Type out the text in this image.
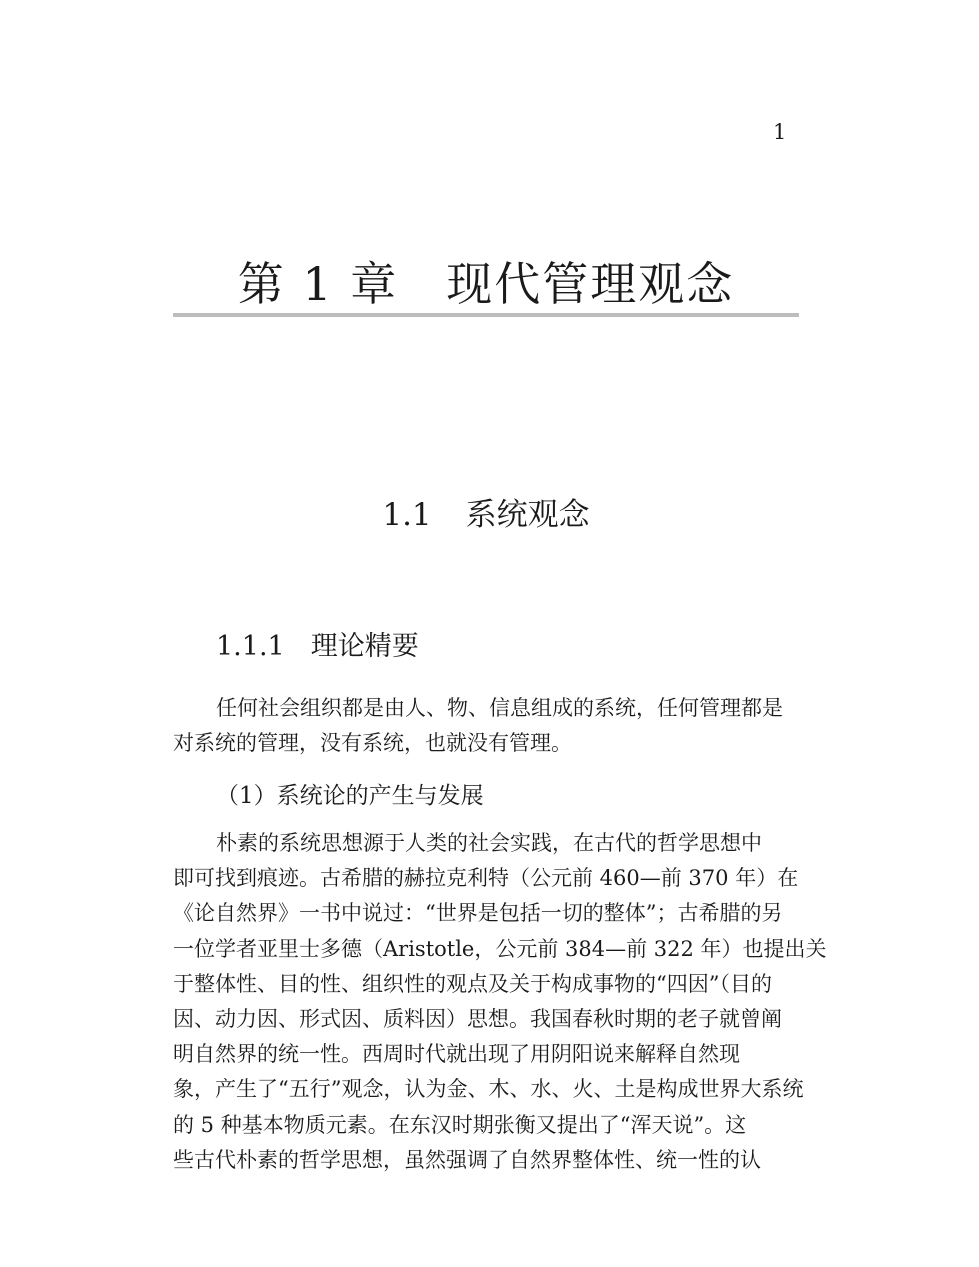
1
第 1 章 现代管理观念
1.1 系统观念
1.1.1 理论精要
任何社会组织都是由人、物、信息组成的系统，任何管理都是
对系统的管理，没有系统，也就没有管理。
（1）系统论的产生与发展
朴素的系统思想源于人类的社会实践，在古代的哲学思想中
即可找到痕迹。古希腊的赫拉克利特（公元前 460—前 370 年）在
《论自然界》一书中说过：“世界是包括一切的整体”；古希腊的另
一位学者亚里士多德（Aristotle，公元前 384—前 322 年）也提出关
于整体性、目的性、组织性的观点及关于构成事物的“四因”（目的
因、动力因、形式因、质料因）思想。我国春秋时期的老子就曾阐
明自然界的统一性。西周时代就出现了用阴阳说来解释自然现
象，产生了“五行”观念，认为金、木、水、火、土是构成世界大系统
的 5 种基本物质元素。在东汉时期张衡又提出了“浑天说”。这
些古代朴素的哲学思想，虽然强调了自然界整体性、统一性的认
